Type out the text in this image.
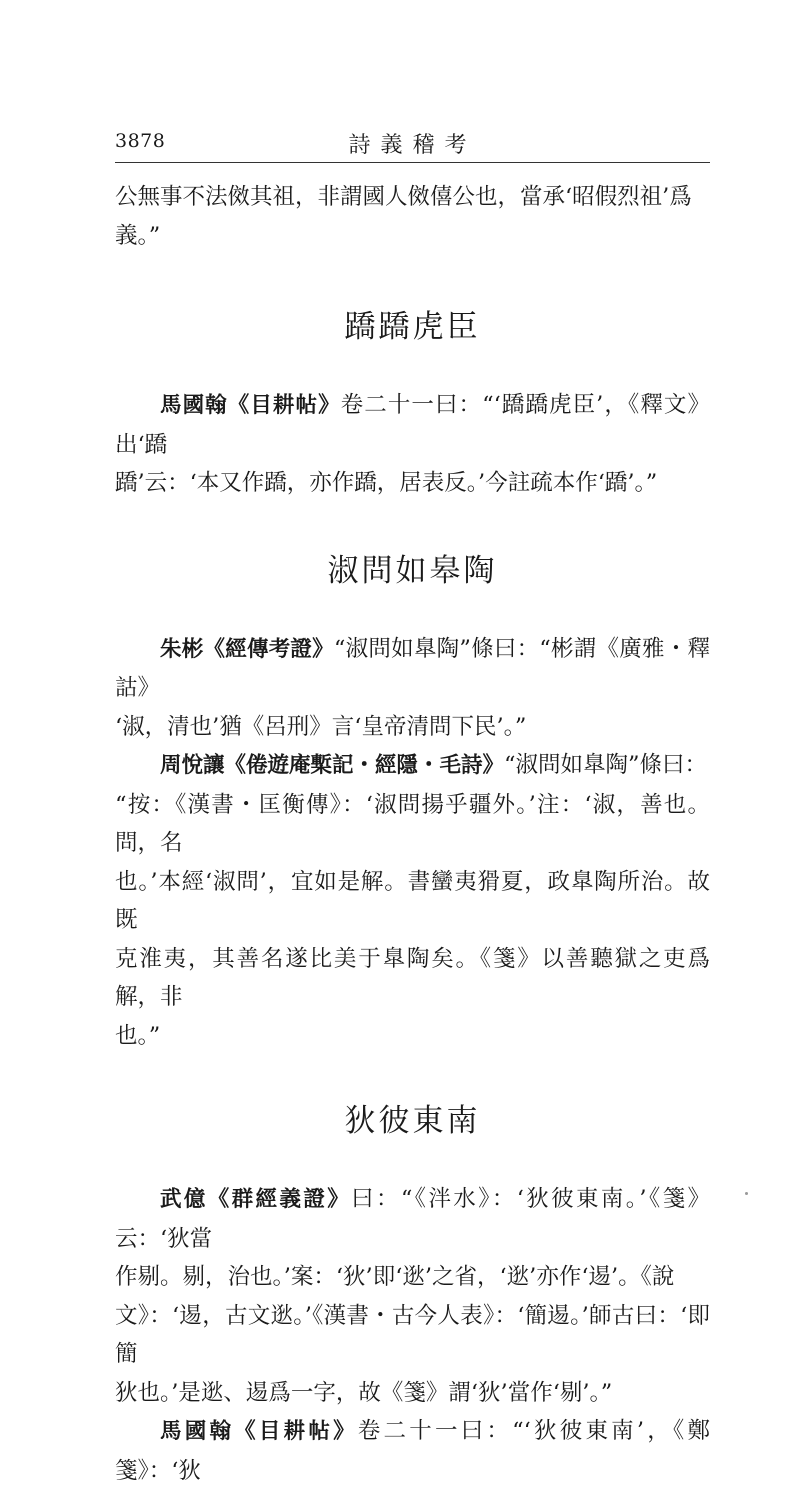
3878	詩義稽考

公無事不法傚其祖，非謂國人傚僖公也，當承‘昭假烈祖’爲

義。”

蹻蹻虎臣

馬國翰《目耕帖》卷二十一曰：“‘蹻蹻虎臣’，《釋文》出‘蹻

蹻’云：‘本又作蹻，亦作蹻，居表反。’今註疏本作‘蹻’。”

淑問如皋陶

朱彬《經傳考證》“淑問如臯陶”條曰：“彬謂《廣雅・釋詁》

‘淑，清也’猶《呂刑》言‘皇帝清問下民’。”

周悅讓《倦遊庵槧記・經隱・毛詩》“淑問如臯陶”條曰：

“按：《漢書・匡衡傳》：‘淑問揚乎疆外。’注：‘淑，善也。問，名

也。’本經‘淑問’，宜如是解。書蠻夷猾夏，政臯陶所治。故既

克淮夷，其善名遂比美于臯陶矣。《箋》以善聽獄之吏爲解，非

也。”

狄彼東南

武億《群經義證》曰：“《泮水》：‘狄彼東南。’《箋》云：‘狄當

作剔。剔，治也。’案：‘狄’即‘逖’之省，‘逖’亦作‘逷’。《說

文》：‘逷，古文逖。’《漢書・古今人表》：‘簡逷。’師古曰：‘即簡

狄也。’是逖、逷爲一字，故《箋》謂‘狄’當作‘剔’。”

馬國翰《目耕帖》卷二十一曰：“‘狄彼東南’，《鄭箋》：‘狄
